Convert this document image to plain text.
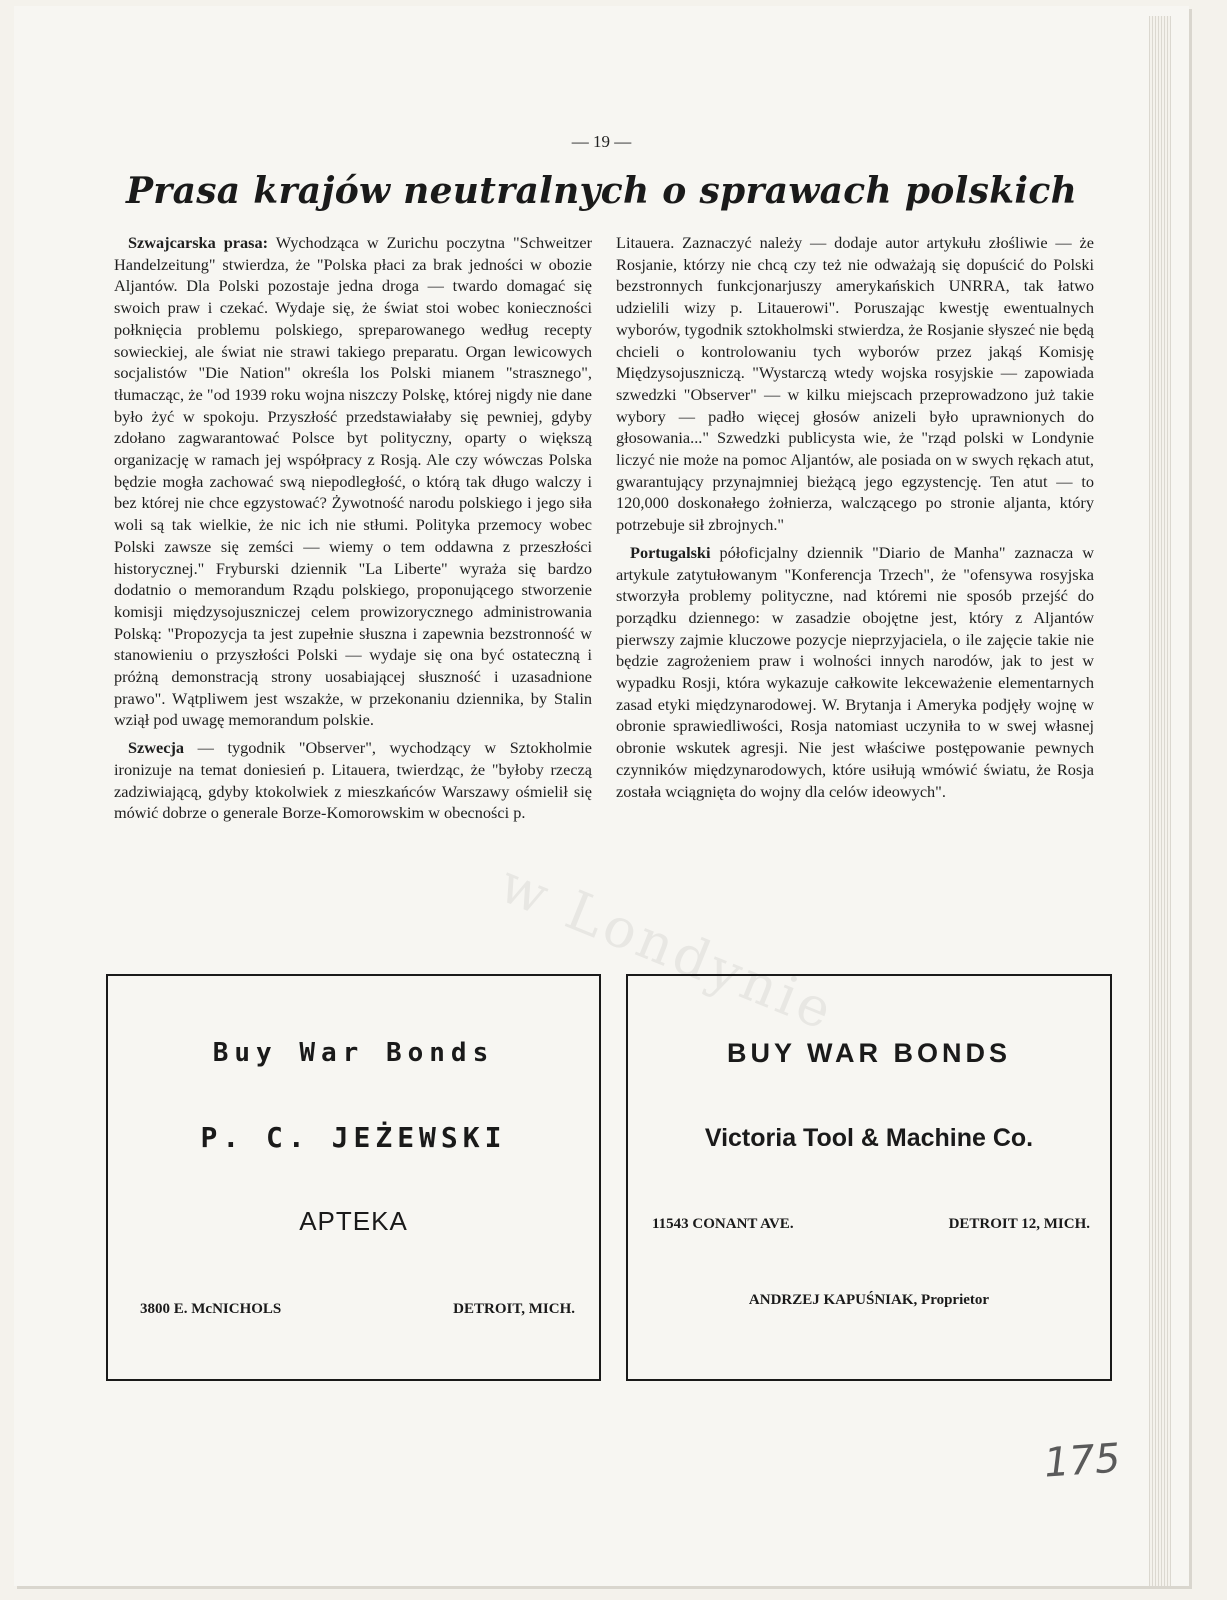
w Londynie
— 19 —
Prasa krajów neutralnych o sprawach polskich

Szwajcarska prasa: Wychodząca w Zurichu poczytna "Schweitzer Handelzeitung" stwierdza, że "Polska płaci za brak jedności w obozie Aljantów. Dla Polski pozostaje jedna droga — twardo domagać się swoich praw i czekać. Wydaje się, że świat stoi wobec konieczności połknięcia problemu polskiego, spreparowanego według recepty sowieckiej, ale świat nie strawi takiego preparatu. Organ lewicowych socjalistów "Die Nation" określa los Polski mianem "strasznego", tłumacząc, że "od 1939 roku wojna niszczy Polskę, której nigdy nie dane było żyć w spokoju. Przyszłość przedstawiałaby się pewniej, gdyby zdołano zagwarantować Polsce byt polityczny, oparty o większą organizację w ramach jej współpracy z Rosją. Ale czy wówczas Polska będzie mogła zachować swą niepodległość, o którą tak długo walczy i bez której nie chce egzystować? Żywotność narodu polskiego i jego siła woli są tak wielkie, że nic ich nie stłumi. Polityka przemocy wobec Polski zawsze się zemści — wiemy o tem oddawna z przeszłości historycznej." Fryburski dziennik "La Liberte" wyraża się bardzo dodatnio o memorandum Rządu polskiego, proponującego stworzenie komisji międzysojuszniczej celem prowizorycznego administrowania Polską: "Propozycja ta jest zupełnie słuszna i zapewnia bezstronność w stanowieniu o przyszłości Polski — wydaje się ona być ostateczną i próżną demonstracją strony uosabiającej słuszność i uzasadnione prawo". Wątpliwem jest wszakże, w przekonaniu dziennika, by Stalin wziął pod uwagę memorandum polskie.

Szwecja — tygodnik "Observer", wychodzący w Sztokholmie ironizuje na temat doniesień p. Litauera, twierdząc, że "byłoby rzeczą zadziwiającą, gdyby ktokolwiek z mieszkańców Warszawy ośmielił się mówić dobrze o generale Borze-Komorowskim w obecności p.

Litauera. Zaznaczyć należy — dodaje autor artykułu złośliwie — że Rosjanie, którzy nie chcą czy też nie odważają się dopuścić do Polski bezstronnych funkcjonarjuszy amerykańskich UNRRA, tak łatwo udzielili wizy p. Litauerowi". Poruszając kwestję ewentualnych wyborów, tygodnik sztokholmski stwierdza, że Rosjanie słyszeć nie będą chcieli o kontrolowaniu tych wyborów przez jakąś Komisję Międzysojuszniczą. "Wystarczą wtedy wojska rosyjskie — zapowiada szwedzki "Observer" — w kilku miejscach przeprowadzono już takie wybory — padło więcej głosów anizeli było uprawnionych do głosowania..." Szwedzki publicysta wie, że "rząd polski w Londynie liczyć nie może na pomoc Aljantów, ale posiada on w swych rękach atut, gwarantujący przynajmniej bieżącą jego egzystencję. Ten atut — to 120,000 doskonałego żołnierza, walczącego po stronie aljanta, który potrzebuje sił zbrojnych."

Portugalski półoficjalny dziennik "Diario de Manha" zaznacza w artykule zatytułowanym "Konferencja Trzech", że "ofensywa rosyjska stworzyła problemy polityczne, nad któremi nie sposób przejść do porządku dziennego: w zasadzie obojętne jest, który z Aljantów pierwszy zajmie kluczowe pozycje nieprzyjaciela, o ile zajęcie takie nie będzie zagrożeniem praw i wolności innych narodów, jak to jest w wypadku Rosji, która wykazuje całkowite lekceważenie elementarnych zasad etyki międzynarodowej. W. Brytanja i Ameryka podjęły wojnę w obronie sprawiedliwości, Rosja natomiast uczyniła to w swej własnej obronie wskutek agresji. Nie jest właściwe postępowanie pewnych czynników międzynarodowych, które usiłują wmówić światu, że Rosja została wciągnięta do wojny dla celów ideowych".

Buy War Bonds
P. C. JEŻEWSKI
APTEKA
3800 E. McNICHOLS	DETROIT, MICH.
BUY WAR BONDS
Victoria Tool & Machine Co.
11543 CONANT AVE.	DETROIT 12, MICH.
ANDRZEJ KAPUŚNIAK, Proprietor
175
